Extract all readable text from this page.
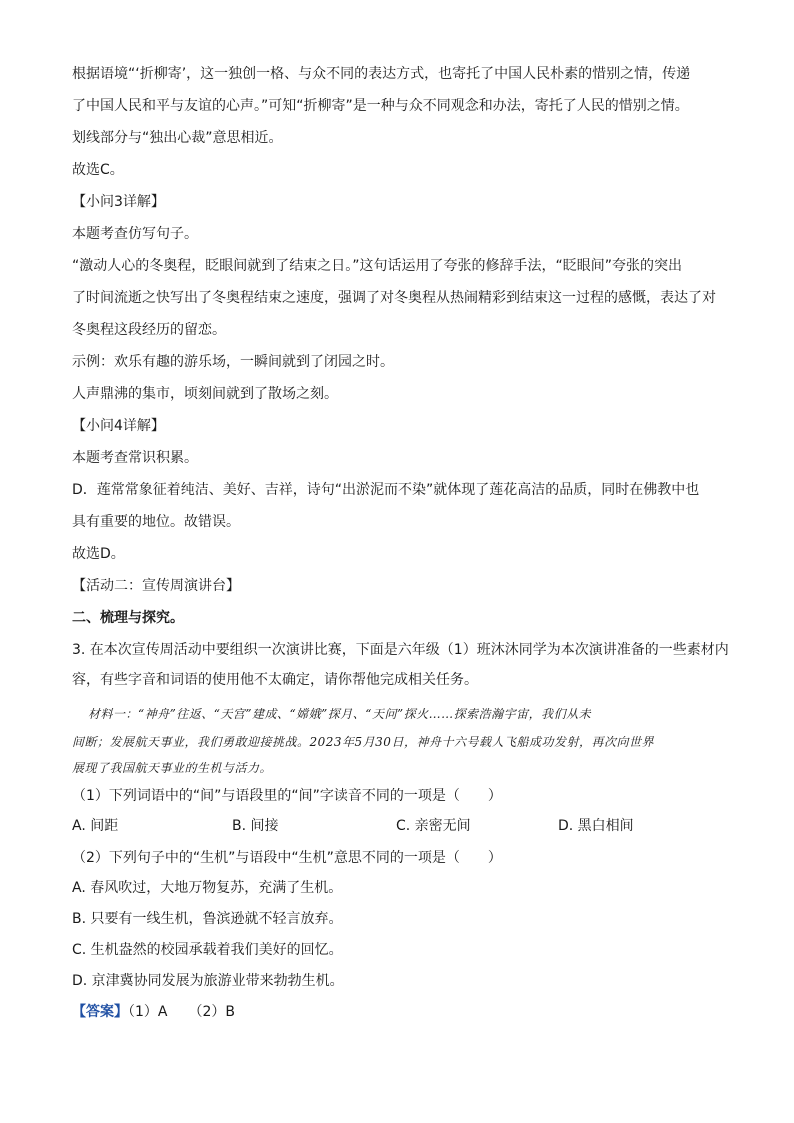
根据语境“‘折柳寄’，这一独创一格、与众不同的表达方式，也寄托了中国人民朴素的惜别之情，传递
了中国人民和平与友谊的心声。”可知“折柳寄”是一种与众不同观念和办法，寄托了人民的惜别之情。
划线部分与“独出心裁”意思相近。
故选C。
【小问3详解】
本题考查仿写句子。
“激动人心的冬奥程，眨眼间就到了结束之日。”这句话运用了夸张的修辞手法，“眨眼间”夸张的突出
了时间流逝之快写出了冬奥程结束之速度，强调了对冬奥程从热闹精彩到结束这一过程的感慨，表达了对
冬奥程这段经历的留恋。
示例：欢乐有趣的游乐场，一瞬间就到了闭园之时。
人声鼎沸的集市，顷刻间就到了散场之刻。
【小问4详解】
本题考查常识积累。
D．莲常常象征着纯洁、美好、吉祥，诗句“出淤泥而不染”就体现了莲花高洁的品质，同时在佛教中也
具有重要的地位。故错误。
故选D。
【活动二：宣传周演讲台】
二、梳理与探究。
3. 在本次宣传周活动中要组织一次演讲比赛，下面是六年级（1）班沐沐同学为本次演讲准备的一些素材内
容，有些字音和词语的使用他不太确定，请你帮他完成相关任务。
材料一：“神舟”往返、“天宫”建成、“嫦娥”探月、“天问”探火……探索浩瀚宇宙，我们从未
间断；发展航天事业，我们勇敢迎接挑战。2023年5月30日，神舟十六号载人飞船成功发射，再次向世界
展现了我国航天事业的生机与活力。
（1）下列词语中的“间”与语段里的“间”字读音不同的一项是（　　）
A. 间距	B. 间接	C. 亲密无间	D. 黑白相间
（2）下列句子中的“生机”与语段中“生机”意思不同的一项是（　　）
A. 春风吹过，大地万物复苏，充满了生机。
B. 只要有一线生机，鲁滨逊就不轻言放弃。
C. 生机盎然的校园承载着我们美好的回忆。
D. 京津冀协同发展为旅游业带来勃勃生机。
【答案】（1）A　　（2）B
